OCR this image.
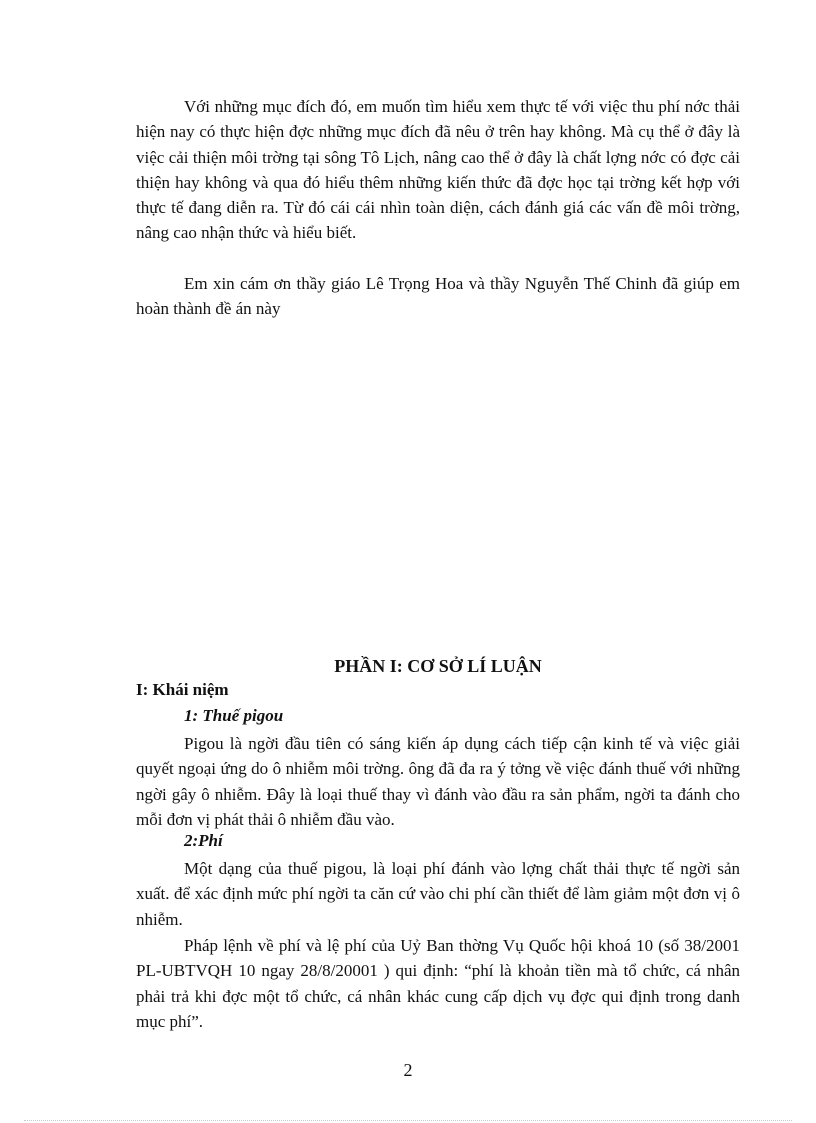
Với những mục đích đó, em muốn tìm hiểu xem thực tế với việc thu phí nớc thải hiện nay có thực hiện đợc những mục đích đã nêu ở trên hay không. Mà cụ thể ở đây là việc cải thiện môi trờng tại sông Tô Lịch, nâng cao thể ở đây là chất lợng nớc có đợc cải thiện hay không và qua đó hiểu thêm những kiến thức đã đợc học tại trờng kết hợp với thực tế đang diễn ra. Từ đó cái cái nhìn toàn diện, cách đánh giá các vấn đề môi trờng, nâng cao nhận thức và hiểu biết.

Em xin cám ơn thầy giáo Lê Trọng Hoa và thầy Nguyễn Thế Chinh đã giúp em hoàn thành đề án này

PHẦN I: CƠ SỞ LÍ LUẬN
I: Khái niệm
1: Thuế pigou

Pigou là ngời đầu tiên có sáng kiến áp dụng cách tiếp cận kinh tế và việc giải quyết ngoại ứng do ô nhiễm môi trờng. ông đã đa ra ý tởng về việc đánh thuế với những ngời gây ô nhiễm. Đây là loại thuế thay vì đánh vào đầu ra sản phẩm, ngời ta đánh cho mỗi đơn vị phát thải ô nhiễm đầu vào.

2:Phí

Một dạng của thuế pigou, là loại phí đánh vào lợng chất thải thực tế ngời sản xuất. để xác định mức phí ngời ta căn cứ vào chi phí cần thiết để làm giảm một đơn vị ô nhiễm.

Pháp lệnh về phí và lệ phí của Uỷ Ban thờng Vụ Quốc hội khoá 10 (số 38/2001 PL-UBTVQH 10 ngay 28/8/20001 ) qui định: “phí là khoản tiền mà tổ chức, cá nhân phải trả khi đợc một tổ chức, cá nhân khác cung cấp dịch vụ đợc qui định trong danh mục phí”.

2
